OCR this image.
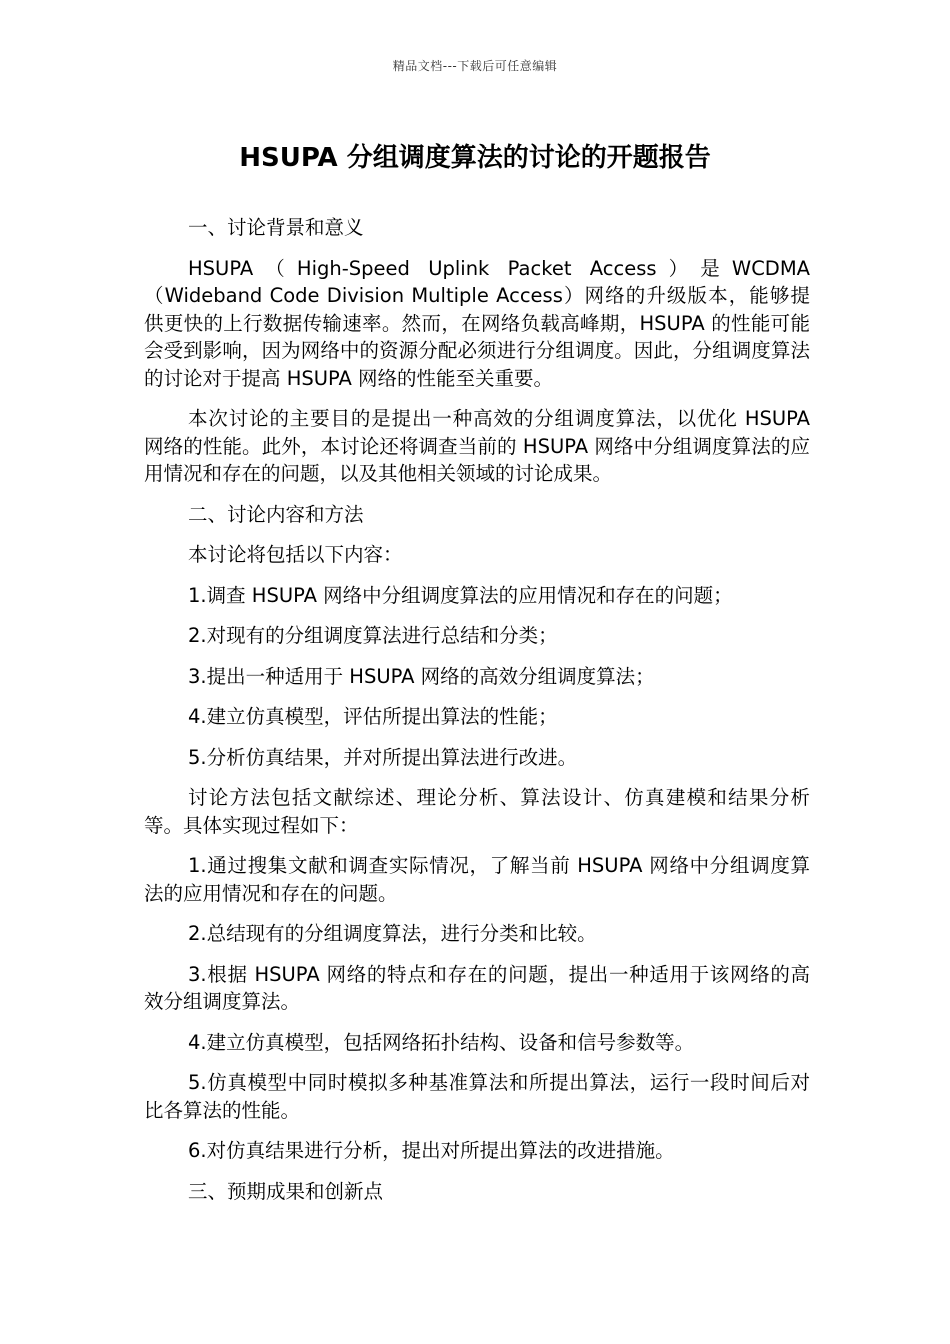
精品文档---下载后可任意编辑
HSUPA 分组调度算法的讨论的开题报告

一、讨论背景和意义

HSUPA（High-Speed Uplink Packet Access）是WCDMA（Wideband Code Division Multiple Access）网络的升级版本，能够提供更快的上行数据传输速率。然而，在网络负载高峰期，HSUPA 的性能可能会受到影响，因为网络中的资源分配必须进行分组调度。因此，分组调度算法的讨论对于提高 HSUPA 网络的性能至关重要。

本次讨论的主要目的是提出一种高效的分组调度算法，以优化 HSUPA 网络的性能。此外，本讨论还将调查当前的 HSUPA 网络中分组调度算法的应用情况和存在的问题，以及其他相关领域的讨论成果。

二、讨论内容和方法

本讨论将包括以下内容：

1.调查 HSUPA 网络中分组调度算法的应用情况和存在的问题；

2.对现有的分组调度算法进行总结和分类；

3.提出一种适用于 HSUPA 网络的高效分组调度算法；

4.建立仿真模型，评估所提出算法的性能；

5.分析仿真结果，并对所提出算法进行改进。

讨论方法包括文献综述、理论分析、算法设计、仿真建模和结果分析等。具体实现过程如下：

1.通过搜集文献和调查实际情况，了解当前 HSUPA 网络中分组调度算法的应用情况和存在的问题。

2.总结现有的分组调度算法，进行分类和比较。

3.根据 HSUPA 网络的特点和存在的问题，提出一种适用于该网络的高效分组调度算法。

4.建立仿真模型，包括网络拓扑结构、设备和信号参数等。

5.仿真模型中同时模拟多种基准算法和所提出算法，运行一段时间后对比各算法的性能。

6.对仿真结果进行分析，提出对所提出算法的改进措施。

三、预期成果和创新点
